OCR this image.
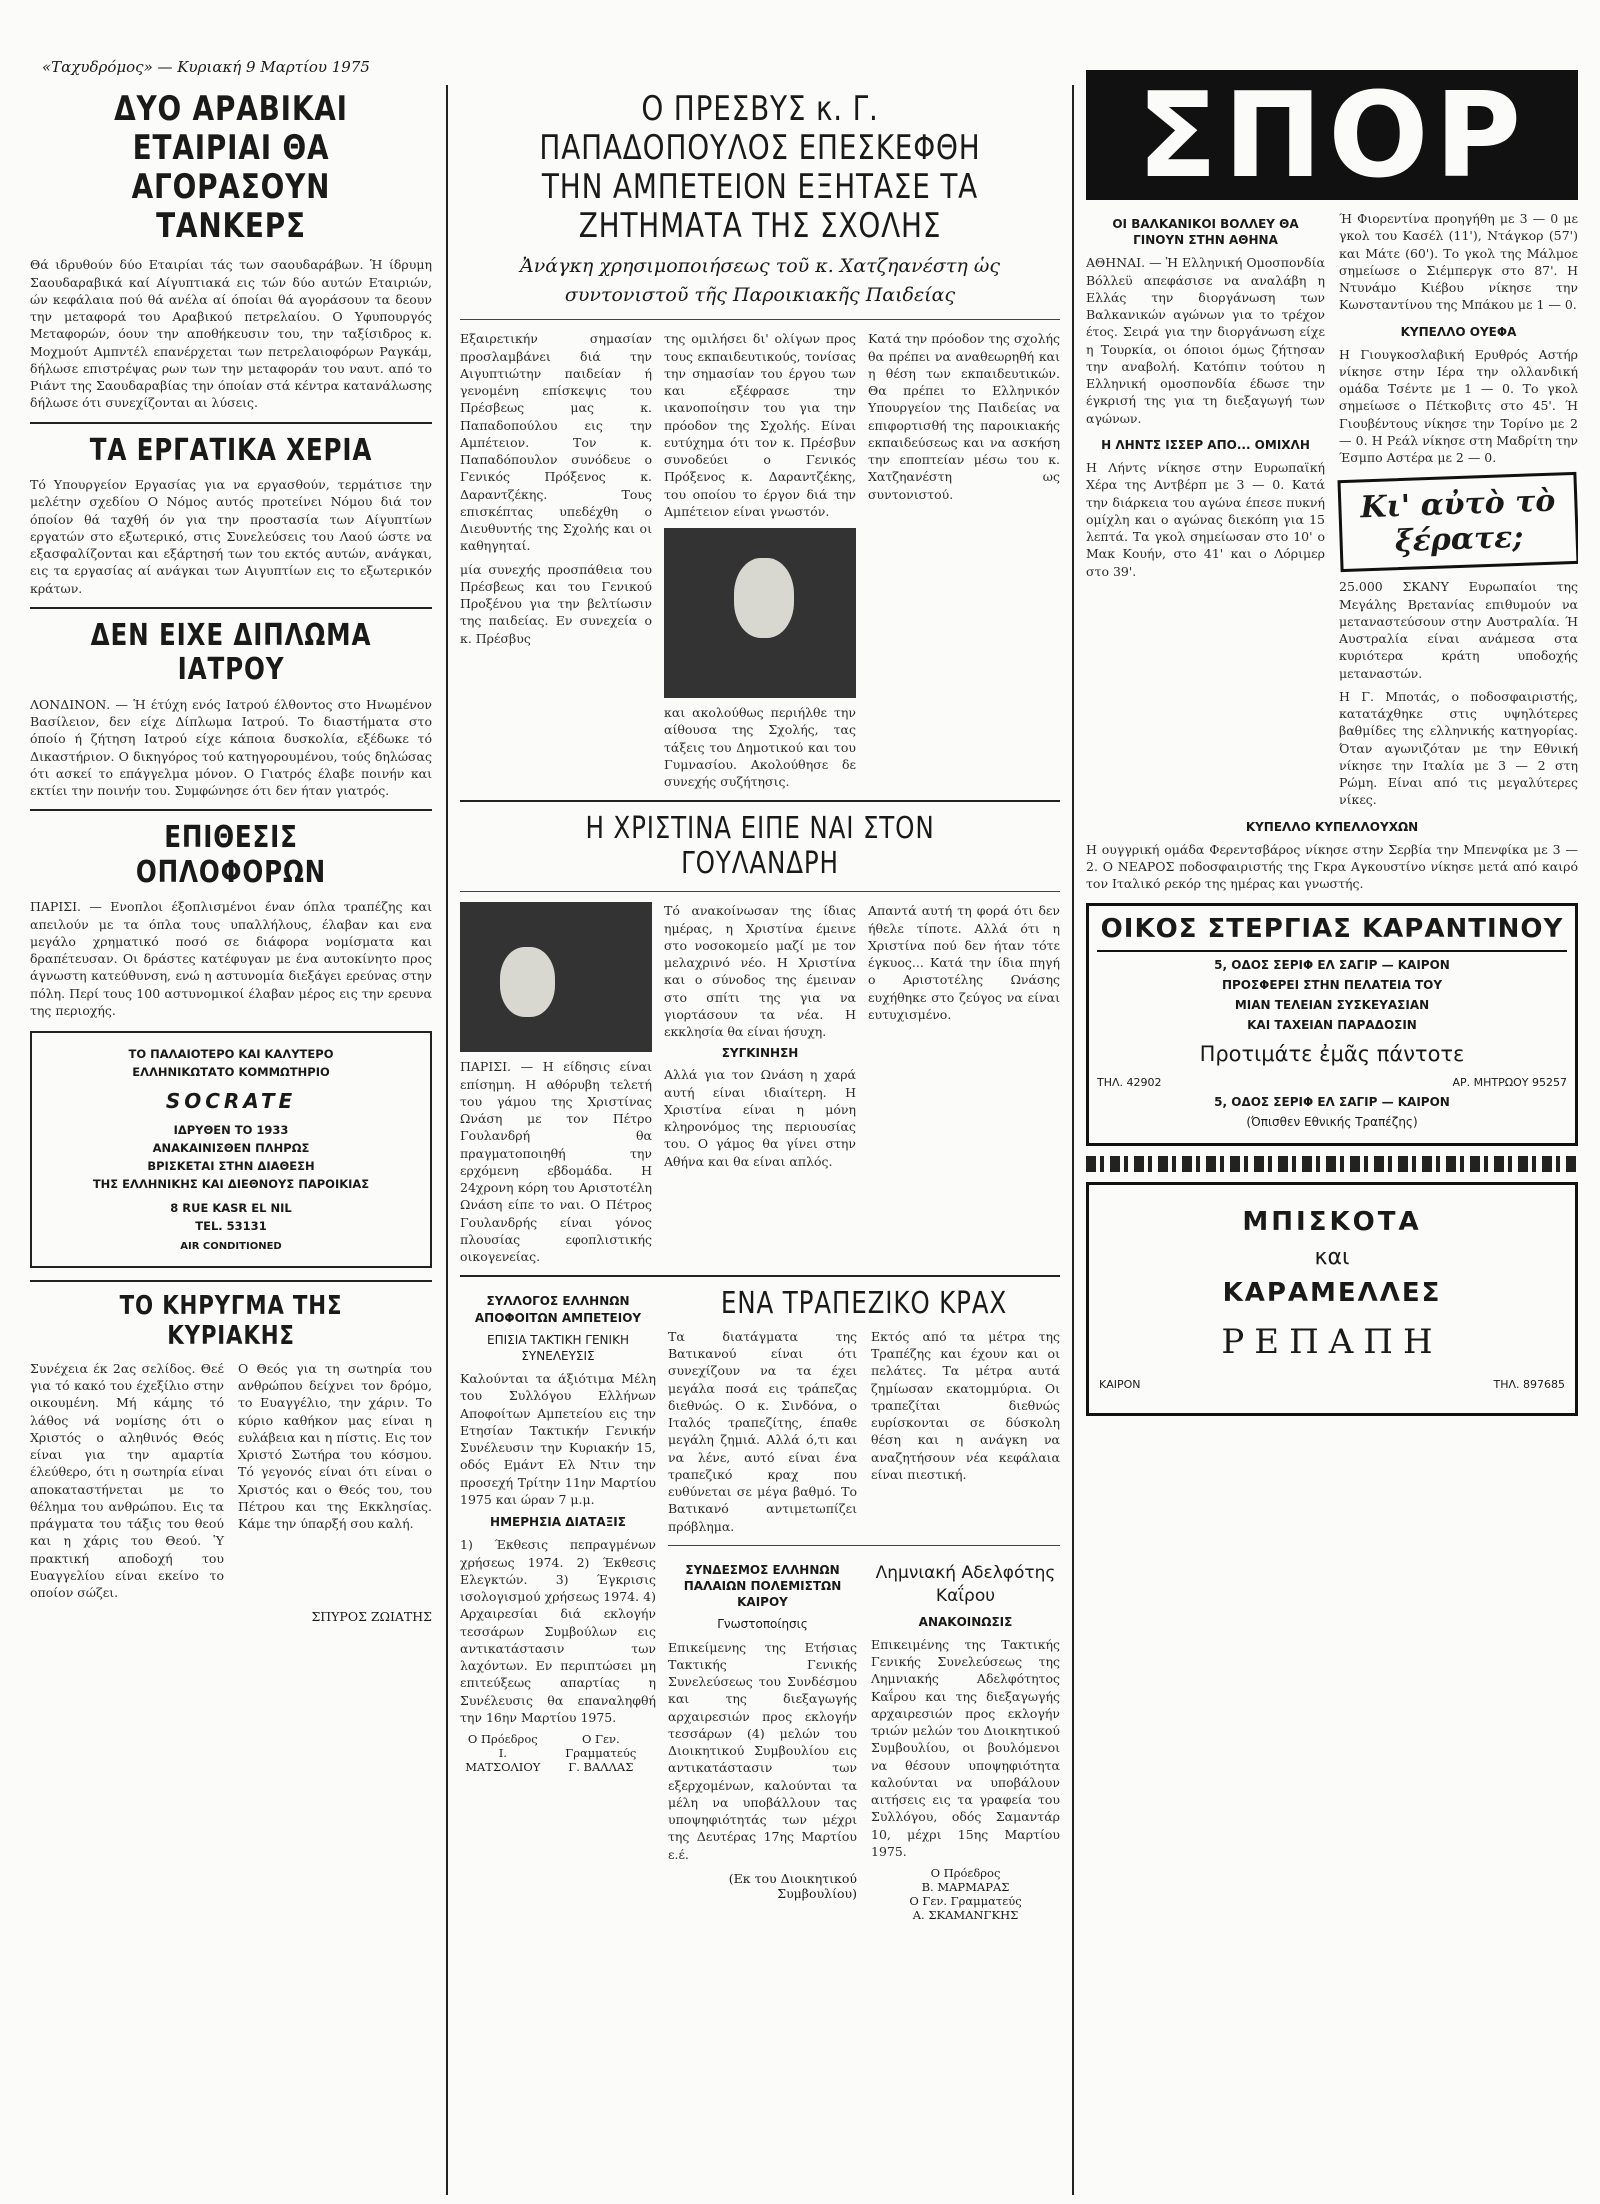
«Ταχυδρόμος» — Κυριακή 9 Μαρτίου 1975
ΔΥΟ ΑΡΑΒΙΚΑΙ ΕΤΑΙΡΙΑΙ ΘΑ ΑΓΟΡΑΣΟΥΝ ΤΑΝΚΕΡΣ
Θά ιδρυθούν δύο Εταιρίαι τάς των σαουδαράβων. Ἡ ίδρυμη Σαουδαραβικά καί Αίγυπτιακά εις τών δύο αυτών Εταιριών, ών κεφάλαια πού θά ανέλα αί όποίαι θά αγοράσουν τα δεουν την μεταφορά του Αραβικού πετρελαίου. Ο Υφυπουργός Μεταφορών, όουν την αποθήκευσιν του, την ταξίσιδρος κ. Μοχμούτ Αμπντέλ επανέρχεται των πετρελαιοφόρων Ραγκάμ, δήλωσε επιστρέψας ρων των την μεταφοράν του ναυτ. από το Ριάντ της Σαουδαραβίας την όποίαν στά κέντρα κατανάλωσης δήλωσε ότι συνεχίζονται αι λύσεις.
ΤΑ ΕΡΓΑΤΙΚΑ ΧΕΡΙΑ
Τό Υπουργείον Εργασίας για να εργασθούν, τερμάτισε την μελέτην σχεδίου Ο Νόμος αυτός προτείνει Νόμου διά τον όποίον θά ταχθή όν για την προστασία των Αίγυπτίων εργατών στο εξωτερικό, στις Συνελεύσεις του Λαού ώστε να εξασφαλίζονται και εξάρτησή των του εκτός αυτών, ανάγκαι, εις τα εργασίας αί ανάγκαι των Αιγυπτίων εις το εξωτερικόν κράτων.
ΔΕΝ ΕΙΧΕ ΔΙΠΛΩΜΑ ΙΑΤΡΟΥ
ΛΟΝΔΙΝΟΝ. — Ἡ έτύχη ενός Ιατρού έλθοντος στο Ηνωμένον Βασίλειον, δεν είχε Δίπλωμα Ιατρού. Το διαστήματα στο όποίο ή ζήτηση Ιατρού είχε κάποια δυσκολία, εξέδωκε τό Δικαστήριον. Ο δικηγόρος τού κατηγορουμένου, τούς δηλώσας ότι ασκεί το επάγγελμα μόνον. Ο Γιατρός έλαβε ποινήν και εκτίει την ποινήν του. Συμφώνησε ότι δεν ήταν γιατρός.
ΕΠΙΘΕΣΙΣ ΟΠΛΟΦΟΡΩΝ
ΠΑΡΙΣΙ. — Ενοπλοι έξοπλισμένοι έναν όπλα τραπέζης και απειλούν με τα όπλα τους υπαλλήλους, έλαβαν και ενα μεγάλο χρηματικό ποσό σε διάφορα νομίσματα και δραπέτευσαν. Οι δράστες κατέφυγαν με ένα αυτοκίνητο προς άγνωστη κατεύθυνση, ενώ η αστυνομία διεξάγει ερεύνας στην πόλη. Περί τους 100 αστυνομικοί έλαβαν μέρος εις την ερευνα της περιοχής.
ΤΟ ΠΑΛΑΙΟΤΕΡΟ ΚΑΙ ΚΑΛΥΤΕΡΟ
ΕΛΛΗΝΙΚΩΤΑΤΟ ΚΟΜΜΩΤΗΡΙΟ
SOCRATE
ΙΔΡΥΘΕΝ ΤΟ 1933
ΑΝΑΚΑΙΝΙΣΘΕΝ ΠΛΗΡΩΣ
ΒΡΙΣΚΕΤΑΙ ΣΤΗΝ ΔΙΑΘΕΣΗ
ΤΗΣ ΕΛΛΗΝΙΚΗΣ ΚΑΙ ΔΙΕΘΝΟΥΣ ΠΑΡΟΙΚΙΑΣ
8 RUE KASR EL NIL
TEL. 53131
AIR CONDITIONED
ΤΟ ΚΗΡΥΓΜΑ ΤΗΣ ΚΥΡΙΑΚΗΣ
Συνέχεια έκ 2ας σελίδος. Θεέ για τό κακό του έχεξίλιο στην οικουμένη. Μή κάμης τό λάθος νά νομίσης ότι ο Χριστός ο αληθινός Θεός είναι για την αμαρτία έλεύθερο, ότι η σωτηρία είναι αποκαταστήνεται με το θέλημα του ανθρώπου. Εις τα πράγματα του τάξις του θεού και η χάρις του Θεού. Ὑ πρακτική αποδοχή του Ευαγγελίου είναι εκείνο το οποίον σώζει.
Ο Θεός για τη σωτηρία του ανθρώπου δείχνει τον δρόμο, το Ευαγγέλιο, την χάριν. Το κύριο καθήκον μας είναι η ευλάβεια και η πίστις. Εις τον Χριστό Σωτήρα του κόσμου. Τό γεγονός είναι ότι είναι ο Χριστός και ο Θεός του, του Πέτρου και της Εκκλησίας. Κάμε την ύπαρξή σου καλή.
ΣΠΥΡΟΣ ΖΩΙΑΤΗΣ
Ο ΠΡΕΣΒΥΣ κ. Γ. ΠΑΠΑΔΟΠΟΥΛΟΣ ΕΠΕΣΚΕΦΘΗ ΤΗΝ ΑΜΠΕΤΕΙΟΝ ΕΞΗΤΑΣΕ ΤΑ ΖΗΤΗΜΑΤΑ ΤΗΣ ΣΧΟΛΗΣ
Ἀνάγκη χρησιμοποιήσεως τοῦ κ. Χατζηανέστη ὡς συντονιστοῦ τῆς Παροικιακῆς Παιδείας
Εξαιρετικήν σημασίαν προσλαμβάνει διά την Αιγυπτιώτην παιδείαν ή γενομένη επίσκεψις του Πρέσβεως μας κ. Παπαδοπούλου εις την Αμπέτειον. Τον κ. Παπαδόπουλον συνόδευε ο Γενικός Πρόξενος κ. Δαραντζέκης. Τους επισκέπτας υπεδέχθη ο Διευθυντής της Σχολής και οι καθηγηταί.
μία συνεχής προσπάθεια του Πρέσβεως και του Γενικού Προξένου για την βελτίωσιν της παιδείας. Εν συνεχεία ο κ. Πρέσβυς
της ομιλήσει δι' ολίγων προς τους εκπαιδευτικούς, τονίσας την σημασίαν του έργου των και εξέφρασε την ικανοποίησιν του για την πρόοδον της Σχολής. Είναι ευτύχημα ότι τον κ. Πρέσβυν συνοδεύει ο Γενικός Πρόξενος κ. Δαραντζέκης, του οποίου το έργον διά την Αμπέτειον είναι γνωστόν.
και ακολούθως περιήλθε την αίθουσα της Σχολής, τας τάξεις του Δημοτικού και του Γυμνασίου. Ακολούθησε δε συνεχής συζήτησις.
Κατά την πρόοδον της σχολής θα πρέπει να αναθεωρηθή και η θέση των εκπαιδευτικών. Θα πρέπει το Ελληνικόν Υπουργείον της Παιδείας να επιφορτισθή της παροικιακής εκπαιδεύσεως και να ασκήση την εποπτείαν μέσω του κ. Χατζηανέστη ως συντονιστού.
Η ΧΡΙΣΤΙΝΑ ΕΙΠΕ ΝΑΙ ΣΤΟΝ ΓΟΥΛΑΝΔΡΗ
ΠΑΡΙΣΙ. — Η είδησις είναι επίσημη. Η αθόρυβη τελετή του γάμου της Χριστίνας Ωνάση με τον Πέτρο Γουλανδρή θα πραγματοποιηθή την ερχόμενη εβδομάδα. Η 24χρονη κόρη του Αριστοτέλη Ωνάση είπε το ναι. Ο Πέτρος Γουλανδρής είναι γόνος πλουσίας εφοπλιστικής οικογενείας.
Τό ανακοίνωσαν της ίδιας ημέρας, η Χριστίνα έμεινε στο νοσοκομείο μαζί με τον μελαχρινό νέο. Η Χριστίνα και ο σύνοδος της έμειναν στο σπίτι της για να γιορτάσουν τα νέα. Η εκκλησία θα είναι ήσυχη.
ΣΥΓΚΙΝΗΣΗ
Αλλά για τον Ωνάση η χαρά αυτή είναι ιδιαίτερη. Η Χριστίνα είναι η μόνη κληρονόμος της περιουσίας του. Ο γάμος θα γίνει στην Αθήνα και θα είναι απλός.
Απαντά αυτή τη φορά ότι δεν ήθελε τίποτε. Αλλά ότι η Χριστίνα πού δεν ήταν τότε έγκυος... Κατά την ίδια πηγή ο Αριστοτέλης Ωνάσης ευχήθηκε στο ζεύγος να είναι ευτυχισμένο.
ΣΥΛΛΟΓΟΣ ΕΛΛΗΝΩΝ ΑΠΟΦΟΙΤΩΝ ΑΜΠΕΤΕΙΟΥ
ΕΠΙΣΙΑ ΤΑΚΤΙΚΗ ΓΕΝΙΚΗ ΣΥΝΕΛΕΥΣΙΣ
Καλούνται τα άξιότιμα Μέλη του Συλλόγου Ελλήνων Αποφοίτων Αμπετείου εις την Ετησίαν Τακτικήν Γενικήν Συνέλευσιν την Κυριακήν 15, οδός Εμάντ Ελ Ντιν την προσεχή Τρίτην 11ην Μαρτίου 1975 και ώραν 7 μ.μ.
ΗΜΕΡΗΣΙΑ ΔΙΑΤΑΞΙΣ
1) Έκθεσις πεπραγμένων χρήσεως 1974. 2) Έκθεσις Ελεγκτών. 3) Έγκρισις ισολογισμού χρήσεως 1974. 4) Αρχαιρεσίαι διά εκλογήν τεσσάρων Συμβούλων εις αντικατάστασιν των λαχόντων. Εν περιπτώσει μη επιτεύξεως απαρτίας η Συνέλευσις θα επαναληφθή την 16ην Μαρτίου 1975.
Ο Πρόεδρος
Ι. ΜΑΤΣΟΛΙΟΥ
Ο Γεν. Γραμματεύς
Γ. ΒΑΛΛΑΣ
ΕΝΑ ΤΡΑΠΕΖΙΚΟ ΚΡΑΧ
Τα διατάγματα της Βατικανού είναι ότι συνεχίζουν να τα έχει μεγάλα ποσά εις τράπεζας διεθνώς. Ο κ. Σινδόνα, ο Ιταλός τραπεζίτης, έπαθε μεγάλη ζημιά. Αλλά ό,τι και να λένε, αυτό είναι ένα τραπεζικό κραχ που ευθύνεται σε μέγα βαθμό. Το Βατικανό αντιμετωπίζει πρόβλημα.
Εκτός από τα μέτρα της Τραπέζης και έχουν και οι πελάτες. Τα μέτρα αυτά ζημίωσαν εκατομμύρια. Οι τραπεζίται διεθνώς ευρίσκονται σε δύσκολη θέση και η ανάγκη να αναζητήσουν νέα κεφάλαια είναι πιεστική.
ΣΥΝΔΕΣΜΟΣ ΕΛΛΗΝΩΝ ΠΑΛΑΙΩΝ ΠΟΛΕΜΙΣΤΩΝ ΚΑΙΡΟΥ
Γνωστοποίησις
Επικείμενης της Ετήσιας Τακτικής Γενικής Συνελεύσεως του Συνδέσμου και της διεξαγωγής αρχαιρεσιών προς εκλογήν τεσσάρων (4) μελών του Διοικητικού Συμβουλίου εις αντικατάστασιν των εξερχομένων, καλούνται τα μέλη να υποβάλλουν τας υποψηφιότητάς των μέχρι της Δευτέρας 17ης Μαρτίου ε.έ.
(Εκ του Διοικητικού Συμβουλίου)
Λημνιακή Αδελφότης Καΐρου
ΑΝΑΚΟΙΝΩΣΙΣ
Επικειμένης της Τακτικής Γενικής Συνελεύσεως της Λημνιακής Αδελφότητος Καΐρου και της διεξαγωγής αρχαιρεσιών προς εκλογήν τριών μελών του Διοικητικού Συμβουλίου, οι βουλόμενοι να θέσουν υποψηφιότητα καλούνται να υποβάλουν αιτήσεις εις τα γραφεία του Συλλόγου, οδός Σαμαντάρ 10, μέχρι 15ης Μαρτίου 1975.
Ο Πρόεδρος
Β. ΜΑΡΜΑΡΑΣ
Ο Γεν. Γραμματεύς
Α. ΣΚΑΜΑΝΓΚΗΣ
ΣΠΟΡ
ΟΙ ΒΑΛΚΑΝΙΚΟΙ ΒΟΛΛΕΥ ΘΑ ΓΙΝΟΥΝ ΣΤΗΝ ΑΘΗΝΑ
ΑΘΗΝΑΙ. — Ἡ Ελληνική Ομοσπονδία Βόλλεϋ απεφάσισε να αναλάβη η Ελλάς την διοργάνωση των Βαλκανικών αγώνων για το τρέχον έτος. Σειρά για την διοργάνωση είχε η Τουρκία, οι όποιοι όμως ζήτησαν την αναβολή. Κατόπιν τούτου η Ελληνική ομοσπονδία έδωσε την έγκρισή της για τη διεξαγωγή των αγώνων.
Η ΛΗΝΤΣ ΙΣΣΕΡ ΑΠΟ... ΟΜΙΧΛΗ
Η Λήντς νίκησε στην Ευρωπαϊκή Χέρα της Αντβέρπ με 3 — 0. Κατά την διάρκεια του αγώνα έπεσε πυκνή ομίχλη και ο αγώνας διεκόπη για 15 λεπτά. Τα γκολ σημείωσαν στο 10' ο Μακ Κουήν, στο 41' και ο Λόριμερ στο 39'.
Ή Φιορεντίνα προηγήθη με 3 — 0 με γκολ του Κασέλ (11'), Ντάγκορ (57') και Μάτε (60'). Το γκολ της Μάλμοε σημείωσε ο Σιέμπεργκ στο 87'. Η Ντυνάμο Κιέβου νίκησε την Κωνσταντίνου της Μπάκου με 1 — 0.
ΚΥΠΕΛΛΟ ΟΥΕΦΑ
Η Γιουγκοσλαβική Ερυθρός Αστήρ νίκησε στην Ιέρα την ολλανδική ομάδα Τσέντε με 1 — 0. Το γκολ σημείωσε ο Πέτκοβιτς στο 45'. Ή Γιουβέντους νίκησε την Τορίνο με 2 — 0. Η Ρεάλ νίκησε στη Μαδρίτη την Έσμπο Αστέρα με 2 — 0.
Κι' αὐτὸ τὸ ξέρατε;
25.000 ΣΚΑΝΥ Ευρωπαίοι της Μεγάλης Βρετανίας επιθυμούν να μεταναστεύσουν στην Αυστραλία. Ή Αυστραλία είναι ανάμεσα στα κυριότερα κράτη υποδοχής μεταναστών.
Η Γ. Μποτάς, ο ποδοσφαιριστής, κατατάχθηκε στις υψηλότερες βαθμίδες της ελληνικής κατηγορίας. Όταν αγωνιζόταν με την Εθνική νίκησε την Ιταλία με 3 — 2 στη Ρώμη. Είναι από τις μεγαλύτερες νίκες.
ΚΥΠΕΛΛΟ ΚΥΠΕΛΛΟΥΧΩΝ
Η ουγγρική ομάδα Φερεντσβάρος νίκησε στην Σερβία την Μπενφίκα με 3 — 2. Ο ΝΕΑΡΟΣ ποδοσφαιριστής της Γκρα Αγκουστίνο νίκησε μετά από καιρό τον Ιταλικό ρεκόρ της ημέρας και γνωστής.
ΟΙΚΟΣ ΣΤΕΡΓΙΑΣ ΚΑΡΑΝΤΙΝΟΥ
5, ΟΔΟΣ ΣΕΡΙΦ ΕΛ ΣΑΓΙΡ — ΚΑΙΡΟΝ
ΠΡΟΣΦΕΡΕΙ ΣΤΗΝ ΠΕΛΑΤΕΙΑ ΤΟΥ
ΜΙΑΝ ΤΕΛΕΙΑΝ ΣΥΣΚΕΥΑΣΙΑΝ
ΚΑΙ ΤΑΧΕΙΑΝ ΠΑΡΑΔΟΣΙΝ
Προτιμάτε ἐμᾶς πάντοτε
ΤΗΛ. 42902	ΑΡ. ΜΗΤΡΩΟΥ 95257
5, ΟΔΟΣ ΣΕΡΙΦ ΕΛ ΣΑΓΙΡ — ΚΑΙΡΟΝ
(Όπισθεν Εθνικής Τραπέζης)
ΜΠΙΣΚΟΤΑ
και
ΚΑΡΑΜΕΛΛΕΣ
ΡΕΠΑΠΗ
ΚΑΙΡΟΝ	ΤΗΛ. 897685
